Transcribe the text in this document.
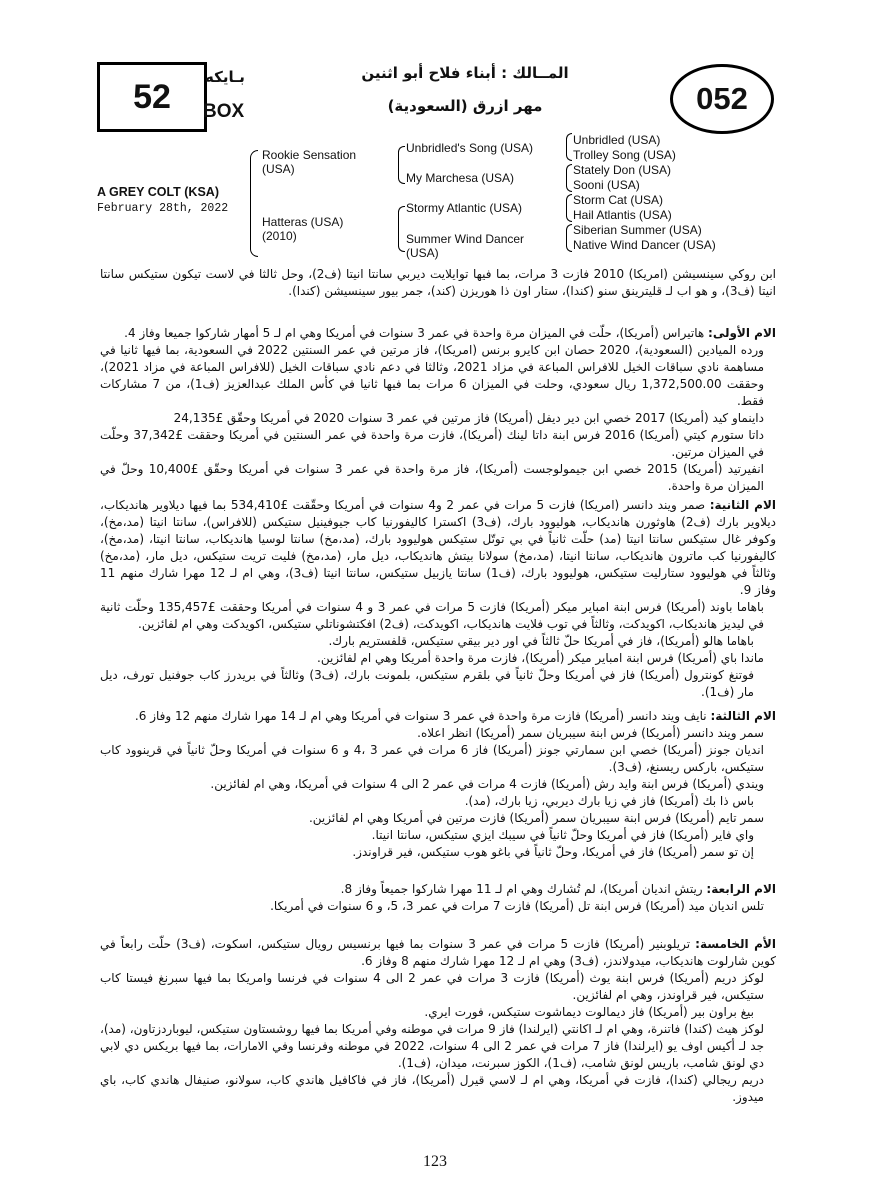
52
بـايكه
BOX
المــالك : أبناء فلاح أبو اثنين
مهر ازرق (السعودية)	052
A GREY COLT (KSA)
February 28th, 2022
Rookie Sensation (USA)
Hatteras (USA) (2010)
Unbridled's Song (USA)
My Marchesa (USA)
Stormy Atlantic (USA)
Summer Wind Dancer (USA)
Unbridled (USA)
Trolley Song (USA)
Stately Don (USA)
Sooni (USA)
Storm Cat (USA)
Hail Atlantis (USA)
Siberian Summer (USA)
Native Wind Dancer (USA)
ابن روكي سينسيشن (امريكا) 2010 فازت 3 مرات، بما فيها توايلايت ديربي سانتا انيتا (ف2)، وحل ثالثا في لاست تيكون ستيكس سانتا انيتا (ف3)، و هو اب لـ قليترينق سنو (كندا)، ستار اون ذا هوريزن (كند)، جمر بيور سينسيشن (كندا).
الام الأولى: هاتيراس (أمريكا)، حلّت في الميزان مرة واحدة في عمر 3 سنوات في أمريكا وهي ام لـ 5 أمهار شاركوا جميعا وفاز 4.
ورده الميادين (السعودية)، 2020 حصان ابن كايرو برنس (امريكا)، فاز مرتين في عمر السنتين 2022 في السعودية، بما فيها ثانيا في مساهمة نادي سباقات الخيل للافراس المباعة في مزاد 2021، وثالثا في دعم نادي سباقات الخيل (للافراس المباعة في مزاد 2021)، وحققت 1,372,500.00 ريال سعودي، وحلت في الميزان 6 مرات بما فيها ثانيا في كأس الملك عبدالعزيز (ف1)، من 7 مشاركات فقط.
داينماو كيد (أمريكا) 2017 خصي ابن دير ديفل (أمريكا) فاز مرتين في عمر 3 سنوات 2020 في أمريكا وحقّق £24,135
داتا ستورم كيتي (أمريكا) 2016 فرس ابنة داتا لينك (أمريكا)، فازت مرة واحدة في عمر السنتين في أمريكا وحققت £37,342 وحلّت في الميزان مرتين.
انفيرتيد (أمريكا) 2015 خصي ابن جيمولوجست (أمريكا)، فاز مرة واحدة في عمر 3 سنوات في أمريكا وحقّق £10,400 وحلّ في الميزان مرة واحدة.
الام الثانية: صمر ويند دانسر (امريكا) فازت 5 مرات في عمر 2 و4 سنوات في أمريكا وحقّقت £534,410 بما فيها ديلاوير هانديكاب، ديلاوير بارك (ف2) هاوثورن هانديكاب، هوليوود بارك، (ف3) اكسترا كاليفورنيا كاب جيوفينيل ستيكس (للافراس)، سانتا انيتا (مد،مخ)، وكوفر غال ستيكس سانتا انيتا (مد) حلّت ثانياً في بي توتّل ستيكس هوليوود بارك، (مد،مخ) سانتا لوسيا هانديكاب، سانتا انيتا، (مد،مخ)، كاليفورنيا كب ماترون هانديكاب، سانتا انيتا، (مد،مخ) سولانا بيتش هانديكاب، ديل مار، (مد،مخ) فليت تريت ستيكس، ديل مار، (مد،مخ) وثالثاً في هوليوود ستارليت ستيكس، هوليوود بارك، (ف1) سانتا يازبيل ستيكس، سانتا انيتا (ف3)، وهي ام لـ 12 مهرا شارك منهم 11 وفاز 9.
باهاما باوند (أمريكا) فرس ابنة امباير ميكر (أمريكا) فازت 5 مرات في عمر 3 و 4 سنوات في أمريكا وحققت £135,457 وحلّت ثانية في ليديز هانديكاب، اكويدكت، وثالثاً في توب فلايت هانديكاب، اكويدكت، (ف2) افكتشوناتلي ستيكس، اكويدكت وهي ام لفائزين.
باهاما هالو (أمريكا)، فاز في أمريكا حلّ ثالثاً في اور دير بيقي ستيكس، قلفستريم بارك.
ماندا باي (أمريكا) فرس ابنة امباير ميكر (أمريكا)، فازت مرة واحدة أمريكا وهي ام لفائزين.
فوتنغ كونترول (أمريكا) فاز في أمريكا وحلّ ثانياً في بلقرم ستيكس، بلمونت بارك، (ف3) وثالثاً في بريدرز كاب جوفنيل تورف، ديل مار (ف1).
الام الثالثة: نايف ويند دانسر (أمريكا) فازت مرة واحدة في عمر 3 سنوات في أمريكا وهي ام لـ 14 مهرا شارك منهم 12 وفاز 6.
سمر ويند دانسر (أمريكا) فرس ابنة سيبريان سمر (أمريكا) انظر اعلاه.
انديان جونز (أمريكا) خصي ابن سمارتي جونز (أمريكا) فاز 6 مرات في عمر 3 ،4 و 6 سنوات في أمريكا وحلّ ثانياً في قرينوود كاب ستيكس، باركس ريسنغ، (ف3).
ويندي (أمريكا) فرس ابنة وايد رش (أمريكا) فازت 4 مرات في عمر 2 الى 4 سنوات في أمريكا، وهي ام لفائزين.
باس ذا بك (أمريكا) فاز في زيا بارك ديربي، زيا بارك، (مد).
سمر تايم (أمريكا) فرس ابنة سيبريان سمر (أمريكا) فازت مرتين في أمريكا وهي ام لفائزين.
واي فاير (أمريكا) فاز في أمريكا وحلّ ثانياً في سيبك ايزي ستيكس، سانتا انيتا.
إن تو سمر (أمريكا) فاز في أمريكا، وحلّ ثانياً في باغو هوب ستيكس، فير قراوندز.
الام الرابعة: ريتش انديان أمريكا)، لم تُشارك وهي ام لـ 11 مهرا شاركوا جميعاً وفاز 8.
تلس انديان ميد (أمريكا) فرس ابنة تل (أمريكا) فازت 7 مرات في عمر 3، 5، و 6 سنوات في أمريكا.
الأم الخامسة: تريلوبنير (أمريكا) فازت 5 مرات في عمر 3 سنوات بما فيها برنسيس رويال ستيكس، اسكوت، (ف3) حلّت رابعاً في كوين شارلوت هانديكاب، ميدولاندز، (ف3) وهي ام لـ 12 مهرا شارك منهم 8 وفاز 6.
لوكز دريم (أمريكا) فرس ابنة يوث (أمريكا) فازت 3 مرات في عمر 2 الى 4 سنوات في فرنسا وامريكا بما فيها سبرنغ فيستا كاب ستيكس، فير قراوندز، وهي ام لفائزين.
بيغ براون بير (أمريكا) فاز ديمالوت ديماشوت ستيكس، فورت ايري.
لوكز هيث (كندا) فاتنرة، وهي ام لـ اكانتي (ايرلندا) فاز 9 مرات في موطنه وفي أمريكا بما فيها روشستاون ستيكس، ليوباردزتاون، (مد)، جد لـ أكيس اوف يو (ايرلندا) فاز 7 مرات في عمر 2 الى 4 سنوات، 2022 في موطنه وفرنسا وفي الامارات، بما فيها بريكس دي لابي دي لونق شامب، باريس لونق شامب، (ف1)، الكوز سبرنت، ميدان، (ف1).
دريم ريجالي (كندا)، فازت في أمريكا، وهي ام لـ لاسي قيرل (أمريكا)، فاز في فاكافيل هاندي كاب، سولانو، صنيفال هاندي كاب، باي ميدوز.
123
